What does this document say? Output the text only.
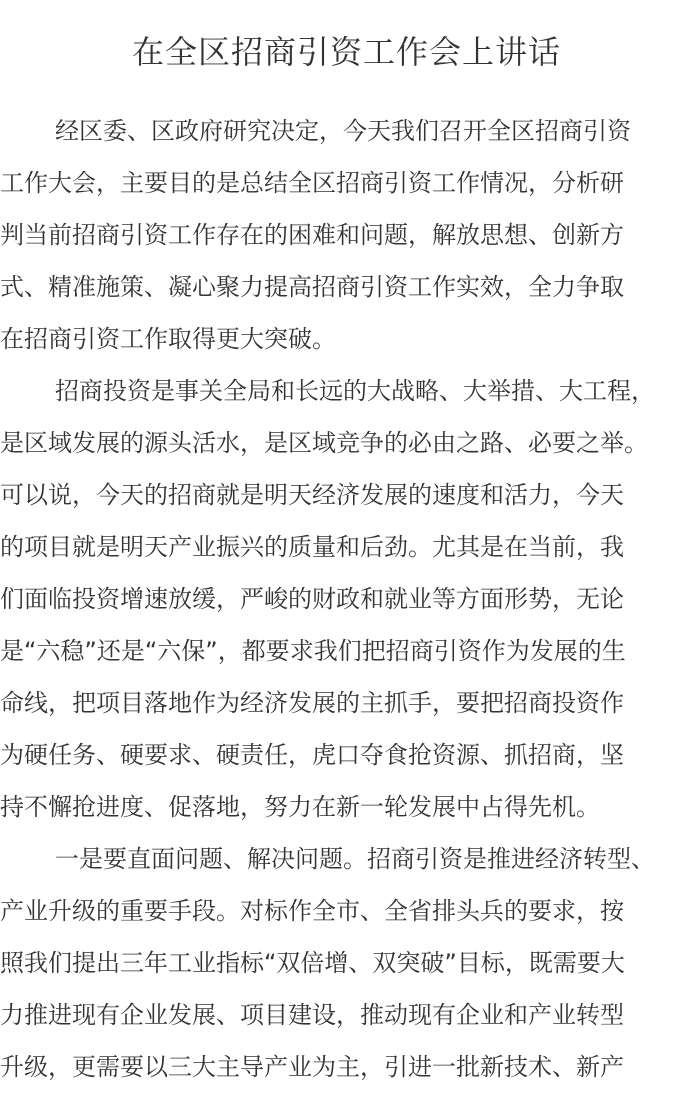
在全区招商引资工作会上讲话
经区委、区政府研究决定，今天我们召开全区招商引资
工作大会，主要目的是总结全区招商引资工作情况，分析研
判当前招商引资工作存在的困难和问题，解放思想、创新方
式、精准施策、凝心聚力提高招商引资工作实效，全力争取
在招商引资工作取得更大突破。
招商投资是事关全局和长远的大战略、大举措、大工程，
是区域发展的源头活水，是区域竞争的必由之路、必要之举。
可以说，今天的招商就是明天经济发展的速度和活力，今天
的项目就是明天产业振兴的质量和后劲。尤其是在当前，我
们面临投资增速放缓，严峻的财政和就业等方面形势，无论
是“六稳”还是“六保”，都要求我们把招商引资作为发展的生
命线，把项目落地作为经济发展的主抓手，要把招商投资作
为硬任务、硬要求、硬责任，虎口夺食抢资源、抓招商，坚
持不懈抢进度、促落地，努力在新一轮发展中占得先机。
一是要直面问题、解决问题。招商引资是推进经济转型、
产业升级的重要手段。对标作全市、全省排头兵的要求，按
照我们提出三年工业指标“双倍增、双突破”目标，既需要大
力推进现有企业发展、项目建设，推动现有企业和产业转型
升级，更需要以三大主导产业为主，引进一批新技术、新产
